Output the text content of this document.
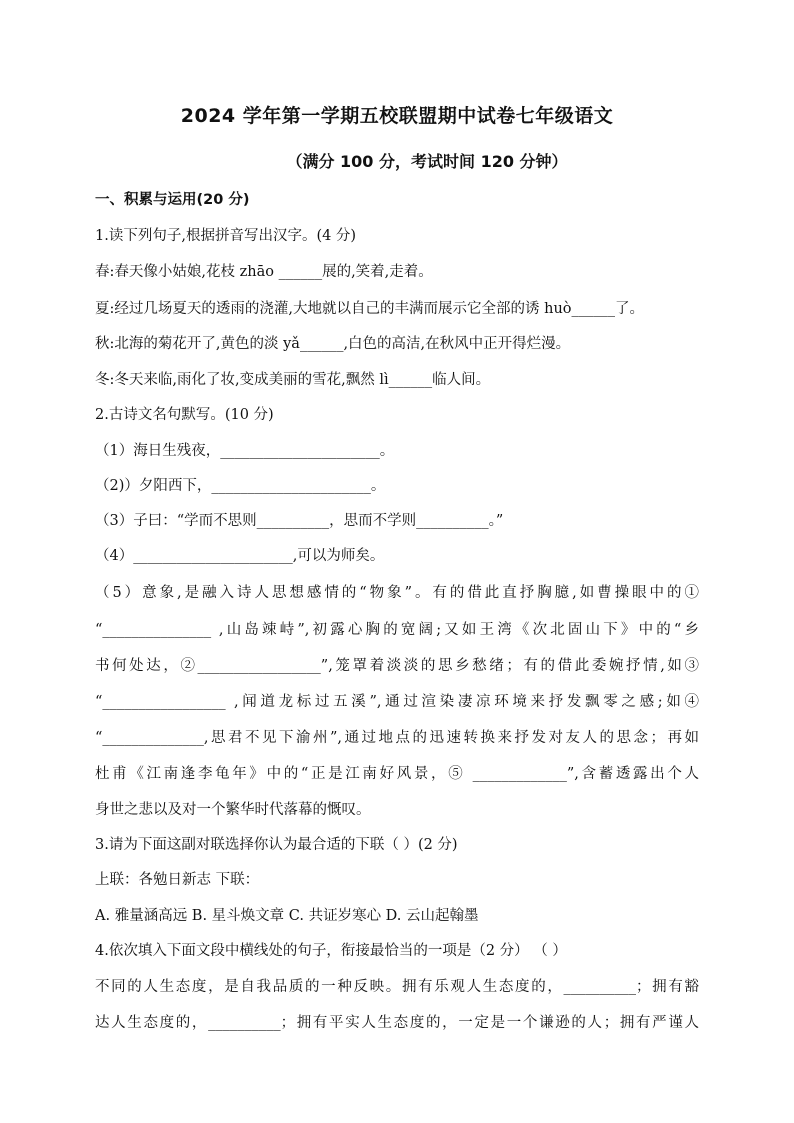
2024 学年第一学期五校联盟期中试卷七年级语文
（满分 100 分，考试时间 120 分钟）
一、积累与运用(20 分)
1.读下列句子,根据拼音写出汉字。(4 分)
春:春天像小姑娘,花枝 zhāo ______展的,笑着,走着。
夏:经过几场夏天的透雨的浇灌,大地就以自己的丰满而展示它全部的诱 huò______了。
秋:北海的菊花开了,黄色的淡 yǎ______,白色的高洁,在秋风中正开得烂漫。
冬:冬天来临,雨化了妆,变成美丽的雪花,飘然 lì______临人间。
2.古诗文名句默写。(10 分)
（1）海日生残夜，______________________。
（2)）夕阳西下，______________________。
（3）子曰：“学而不思则__________，思而不学则__________。”
（4）______________________,可以为师矣。
（5）意象,是融入诗人思想感情的“物象”。有的借此直抒胸臆,如曹操眼中的①
“_______________ ,山岛竦峙”,初露心胸的宽阔;又如王湾《次北固山下》中的“乡
书何处达，②_________________”,笼罩着淡淡的思乡愁绪；有的借此委婉抒情,如③
“_________________ ,闻道龙标过五溪”,通过渲染凄凉环境来抒发飘零之感;如④
“______________,思君不见下渝州”,通过地点的迅速转换来抒发对友人的思念；再如
杜甫《江南逢李龟年》中的“正是江南好风景，⑤ _____________”,含蓄透露出个人
身世之悲以及对一个繁华时代落幕的慨叹。
3.请为下面这副对联选择你认为最合适的下联（ ）(2 分)
上联：各勉日新志 下联：
A. 雅量涵高远 B. 星斗焕文章 C. 共证岁寒心 D. 云山起翰墨
4.依次填入下面文段中横线处的句子，衔接最恰当的一项是（2 分） （ ）
不同的人生态度，是自我品质的一种反映。拥有乐观人生态度的，__________；拥有豁
达人生态度的，__________；拥有平实人生态度的，一定是一个谦逊的人；拥有严谨人
